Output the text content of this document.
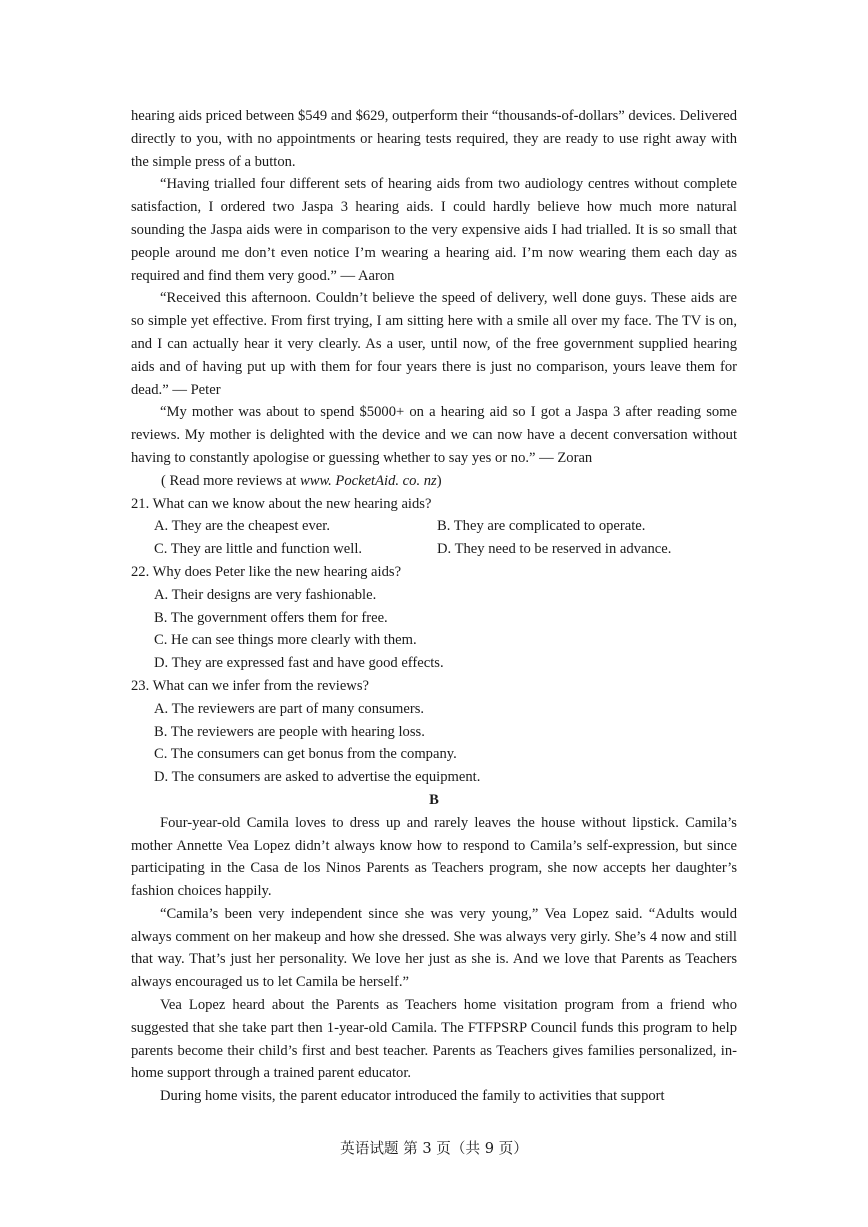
hearing aids priced between $549 and $629, outperform their “thousands-of-dollars” devices. Delivered directly to you, with no appointments or hearing tests required, they are ready to use right away with the simple press of a button.

“Having trialled four different sets of hearing aids from two audiology centres without complete satisfaction, I ordered two Jaspa 3 hearing aids. I could hardly believe how much more natural sounding the Jaspa aids were in comparison to the very expensive aids I had trialled. It is so small that people around me don’t even notice I’m wearing a hearing aid. I’m now wearing them each day as required and find them very good.” — Aaron

“Received this afternoon. Couldn’t believe the speed of delivery, well done guys. These aids are so simple yet effective. From first trying, I am sitting here with a smile all over my face. The TV is on, and I can actually hear it very clearly. As a user, until now, of the free government supplied hearing aids and of having put up with them for four years there is just no comparison, yours leave them for dead.” — Peter

“My mother was about to spend $5000+ on a hearing aid so I got a Jaspa 3 after reading some reviews. My mother is delighted with the device and we can now have a decent conversation without having to constantly apologise or guessing whether to say yes or no.” — Zoran

( Read more reviews at www. PocketAid. co. nz)
21. What can we know about the new hearing aids?
A. They are the cheapest ever.	B. They are complicated to operate.
C. They are little and function well.	D. They need to be reserved in advance.
22. Why does Peter like the new hearing aids?
A. Their designs are very fashionable.
B. The government offers them for free.
C. He can see things more clearly with them.
D. They are expressed fast and have good effects.
23. What can we infer from the reviews?
A. The reviewers are part of many consumers.
B. The reviewers are people with hearing loss.
C. The consumers can get bonus from the company.
D. The consumers are asked to advertise the equipment.
B

Four-year-old Camila loves to dress up and rarely leaves the house without lipstick. Camila’s mother Annette Vea Lopez didn’t always know how to respond to Camila’s self-expression, but since participating in the Casa de los Ninos Parents as Teachers program, she now accepts her daughter’s fashion choices happily.

“Camila’s been very independent since she was very young,” Vea Lopez said. “Adults would always comment on her makeup and how she dressed. She was always very girly. She’s 4 now and still that way. That’s just her personality. We love her just as she is. And we love that Parents as Teachers always encouraged us to let Camila be herself.”

Vea Lopez heard about the Parents as Teachers home visitation program from a friend who suggested that she take part then 1-year-old Camila. The FTFPSRP Council funds this program to help parents become their child’s first and best teacher. Parents as Teachers gives families personalized, in-home support through a trained parent educator.

During home visits, the parent educator introduced the family to activities that support

英语试题 第 3 页（共 9 页）
